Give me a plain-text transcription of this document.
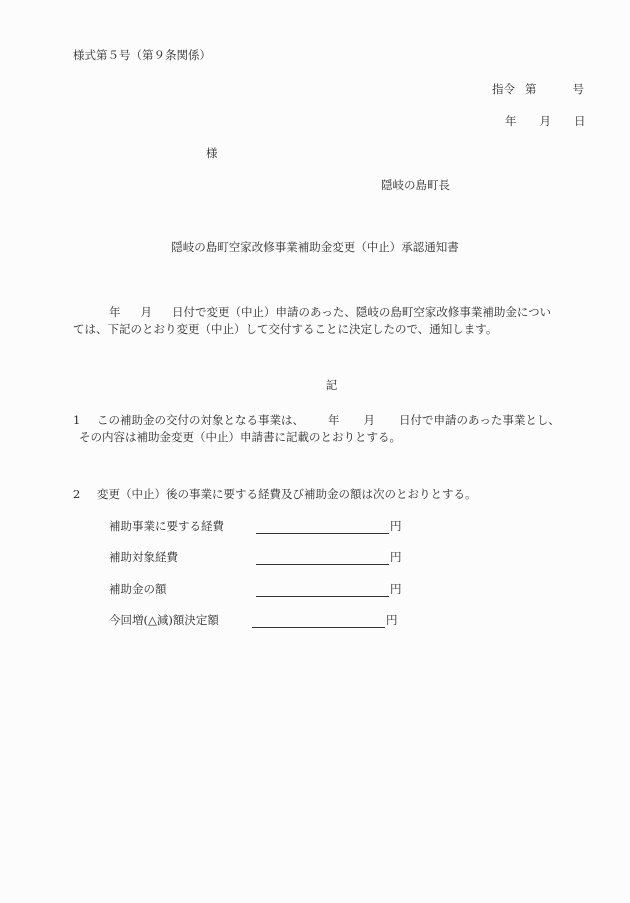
様式第５号（第９条関係）
指令 第	号
年 月 日
様
隠岐の島町長
隠岐の島町空家改修事業補助金変更（中止）承認通知書
年 月 日付で変更（中止）申請のあった、隠岐の島町空家改修事業補助金につい
ては、下記のとおり変更（中止）して交付することに決定したので、通知します。
記
1 この補助金の交付の対象となる事業は、 年 月 日付で申請のあった事業とし、
その内容は補助金変更（中止）申請書に記載のとおりとする。
2 変更（中止）後の事業に要する経費及び補助金の額は次のとおりとする。
補助事業に要する経費	円
補助対象経費	円
補助金の額	円
今回増(△減)額決定額	円
